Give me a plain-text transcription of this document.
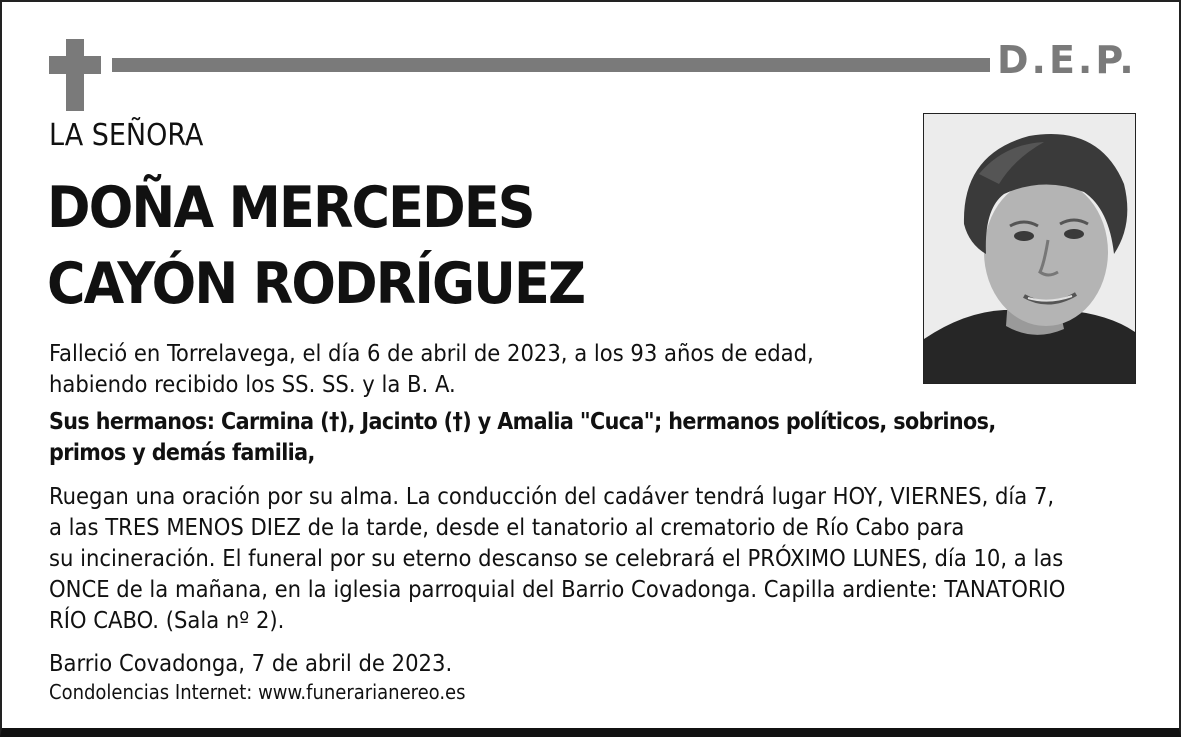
D.E.P.
LA SEÑORA
DOÑA MERCEDES
CAYÓN RODRÍGUEZ
Falleció en Torrelavega, el día 6 de abril de 2023, a los 93 años de edad,
habiendo recibido los SS. SS. y la B. A.
Sus hermanos: Carmina (†), Jacinto (†) y Amalia "Cuca"; hermanos políticos, sobrinos,
primos y demás familia,
Ruegan una oración por su alma. La conducción del cadáver tendrá lugar HOY, VIERNES, día 7,
a las TRES MENOS DIEZ de la tarde, desde el tanatorio al crematorio de Río Cabo para
su incineración. El funeral por su eterno descanso se celebrará el PRÓXIMO LUNES, día 10, a las
ONCE de la mañana, en la iglesia parroquial del Barrio Covadonga. Capilla ardiente: TANATORIO
RÍO CABO. (Sala nº 2).
Barrio Covadonga, 7 de abril de 2023.
Condolencias Internet: www.funerarianereo.es
